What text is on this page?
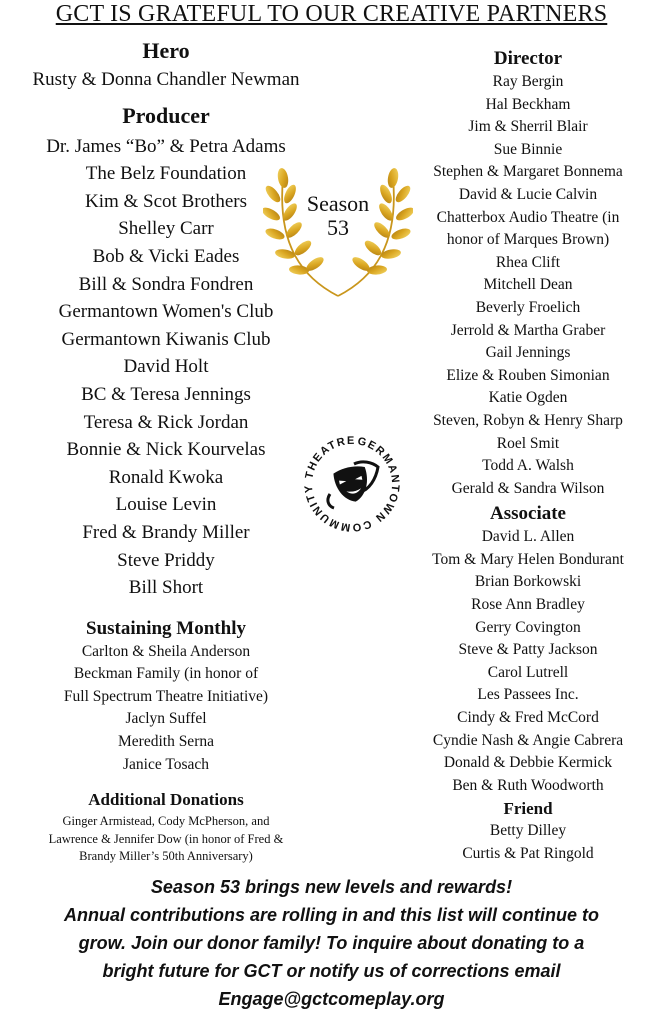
GCT IS GRATEFUL TO OUR CREATIVE PARTNERS
Hero
Rusty & Donna Chandler Newman
Producer
Dr. James “Bo” & Petra Adams
The Belz Foundation
Kim & Scot Brothers
Shelley Carr
Bob & Vicki Eades
Bill & Sondra Fondren
Germantown Women's Club
Germantown Kiwanis Club
David Holt
BC & Teresa Jennings
Teresa & Rick Jordan
Bonnie & Nick Kourvelas
Ronald Kwoka
Louise Levin
Fred & Brandy Miller
Steve Priddy
Bill Short
Sustaining Monthly
Carlton & Sheila Anderson
Beckman Family (in honor of
Full Spectrum Theatre Initiative)
Jaclyn Suffel
Meredith Serna
Janice Tosach
Additional Donations
Ginger Armistead, Cody McPherson, and
Lawrence & Jennifer Dow (in honor of Fred &
Brandy Miller’s 50th Anniversary)
Director
Ray Bergin
Hal Beckham
Jim & Sherril Blair
Sue Binnie
Stephen & Margaret Bonnema
David & Lucie Calvin
Chatterbox Audio Theatre (in
honor of Marques Brown)
Rhea Clift
Mitchell Dean
Beverly Froelich
Jerrold & Martha Graber
Gail Jennings
Elize & Rouben Simonian
Katie Ogden
Steven, Robyn & Henry Sharp
Roel Smit
Todd A. Walsh
Gerald & Sandra Wilson
Associate
David L. Allen
Tom & Mary Helen Bondurant
Brian Borkowski
Rose Ann Bradley
Gerry Covington
Steve & Patty Jackson
Carol Lutrell
Les Passees Inc.
Cindy & Fred McCord
Cyndie Nash & Angie Cabrera
Donald & Debbie Kermick
Ben & Ruth Woodworth
Friend
Betty Dilley
Curtis & Pat Ringold
Season
53
GERMANTOWN COMMUNITY THEATRE
Season 53 brings new levels and rewards!
Annual contributions are rolling in and this list will continue to
grow. Join our donor family! To inquire about donating to a
bright future for GCT or notify us of corrections email
Engage@gctcomeplay.org
